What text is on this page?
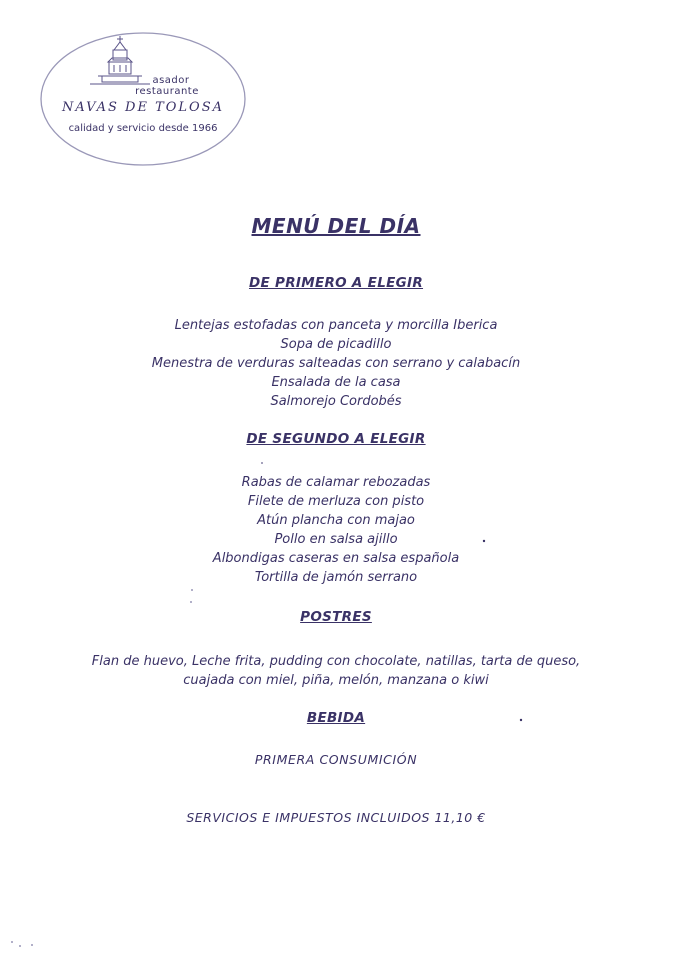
asador
restaurante
NAVAS DE TOLOSA
calidad y servicio desde 1966
MENÚ DEL DÍA
DE PRIMERO A ELEGIR
Lentejas estofadas con panceta y morcilla Iberica
Sopa de picadillo
Menestra de verduras salteadas con serrano y calabacín
Ensalada de la casa
Salmorejo Cordobés
DE SEGUNDO A ELEGIR
Rabas de calamar rebozadas
Filete de merluza con pisto
Atún plancha con majao
Pollo en salsa ajillo
Albondigas caseras en salsa española
Tortilla de jamón serrano
POSTRES
Flan de huevo, Leche frita, pudding con chocolate, natillas, tarta de queso,
cuajada con miel, piña, melón, manzana o kiwi
BEBIDA
PRIMERA CONSUMICIÓN
SERVICIOS E IMPUESTOS INCLUIDOS 11,10 €
